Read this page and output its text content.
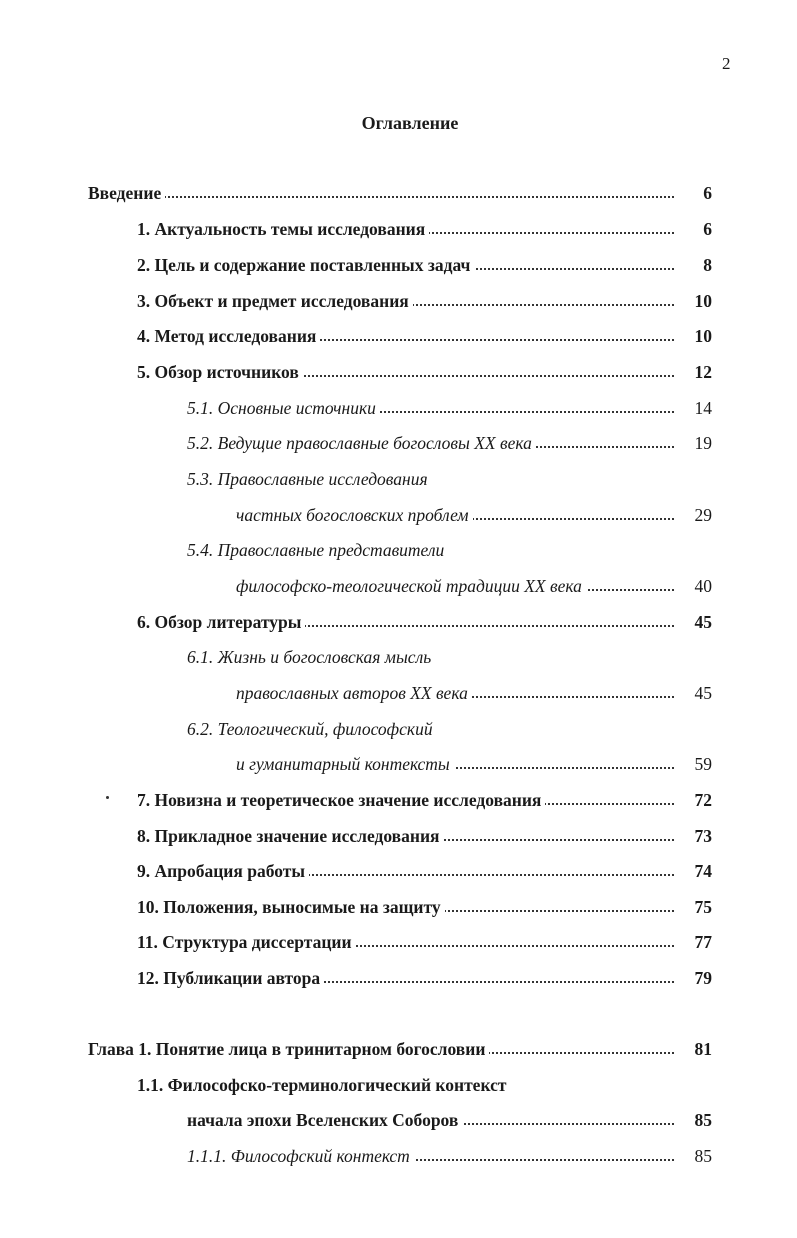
2
Оглавление
Введение	6
1. Актуальность темы исследования	6
2. Цель и содержание поставленных задач	8
3. Объект и предмет исследования	10
4. Метод исследования	10
5. Обзор источников	12
5.1. Основные источники	14
5.2. Ведущие православные богословы XX века	19
5.3. Православные исследования
частных богословских проблем	29
5.4. Православные представители
философско-теологической традиции XX века	40
6. Обзор литературы	45
6.1. Жизнь и богословская мысль
православных авторов XX века	45
6.2. Теологический, философский
и гуманитарный контексты	59
7. Новизна и теоретическое значение исследования	72
8. Прикладное значение исследования	73
9. Апробация работы	74
10. Положения, выносимые на защиту	75
11. Структура диссертации	77
12. Публикации автора	79
Глава 1. Понятие лица в тринитарном богословии	81
1.1. Философско-терминологический контекст
начала эпохи Вселенских Соборов	85
1.1.1. Философский контекст	85
